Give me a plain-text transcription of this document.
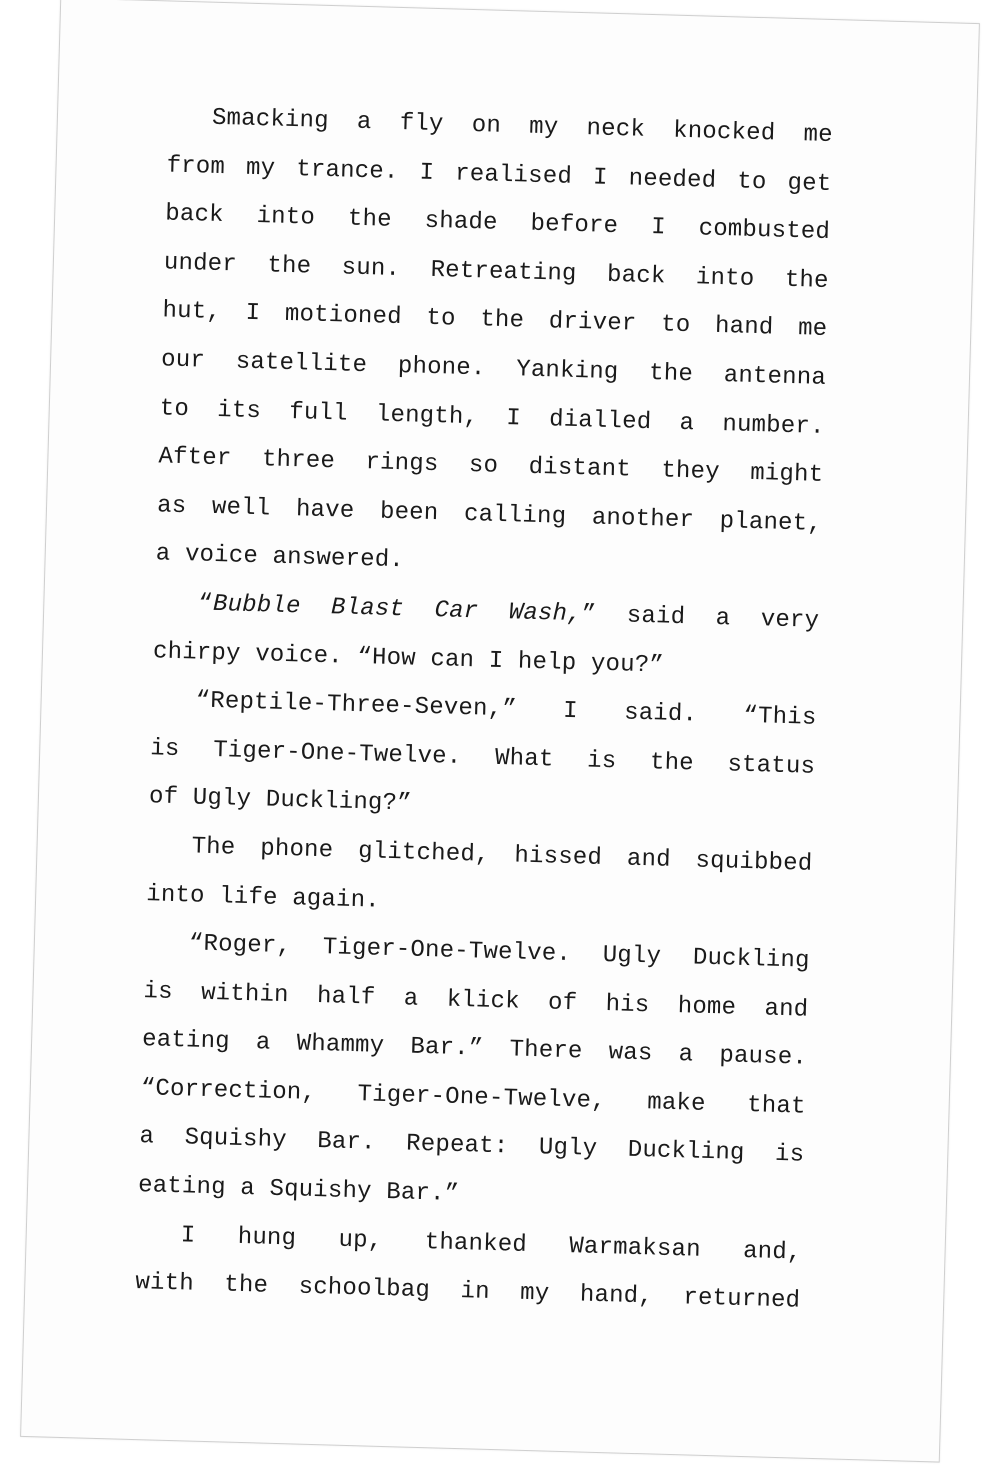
Smacking a fly on my neck knocked me
from my trance. I realised I needed to get
back into the shade before I combusted
under the sun. Retreating back into the
hut, I motioned to the driver to hand me
our satellite phone. Yanking the antenna
to its full length, I dialled a number.
After three rings so distant they might
as well have been calling another planet,
a voice answered.
“Bubble Blast Car Wash,” said a very
chirpy voice. “How can I help you?”
“Reptile-Three-Seven,” I said. “This
is Tiger-One-Twelve. What is the status
of Ugly Duckling?”
The phone glitched, hissed and squibbed
into life again.
“Roger, Tiger-One-Twelve. Ugly Duckling
is within half a klick of his home and
eating a Whammy Bar.” There was a pause.
“Correction, Tiger-One-Twelve, make that
a Squishy Bar. Repeat: Ugly Duckling is
eating a Squishy Bar.”
I hung up, thanked Warmaksan and,
with the schoolbag in my hand, returned
